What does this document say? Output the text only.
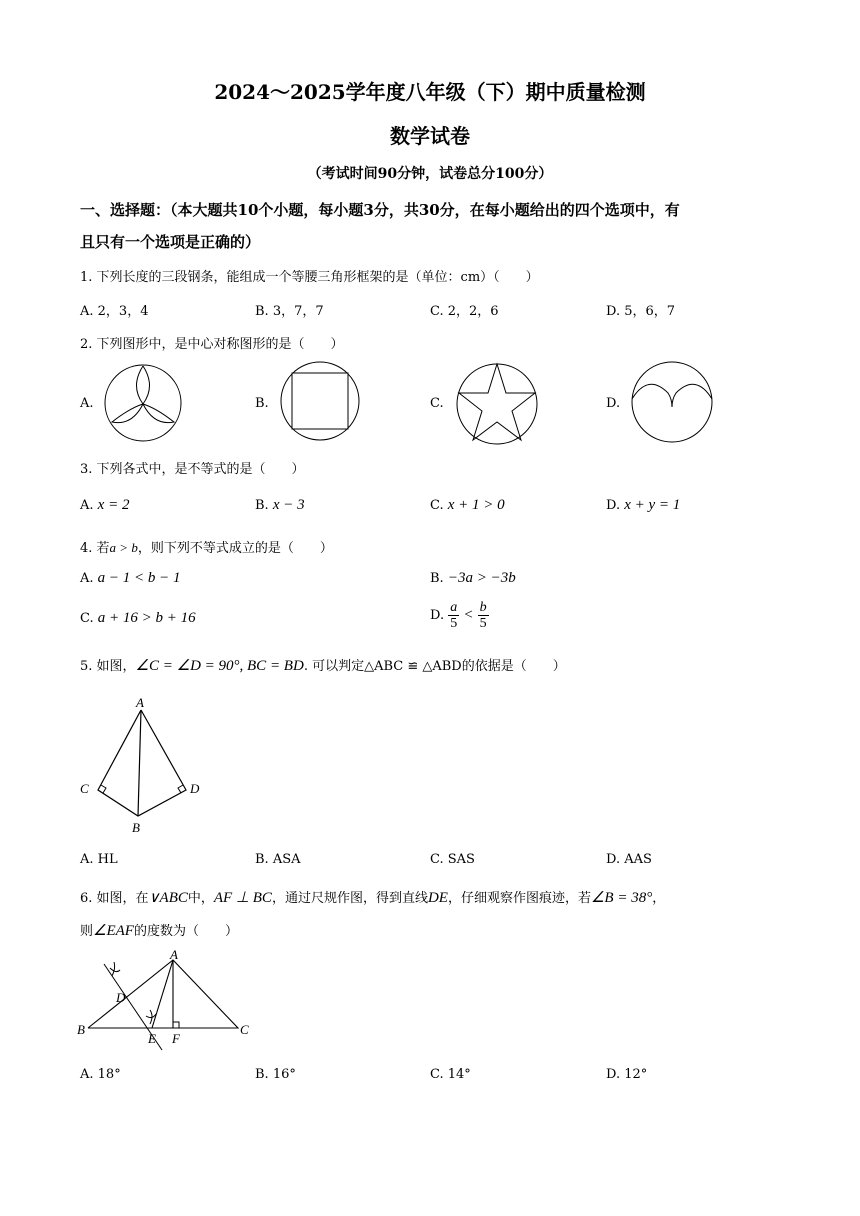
2024～2025学年度八年级（下）期中质量检测
数学试卷
（考试时间90分钟，试卷总分100分）
一、选择题：（本大题共10个小题，每小题3分，共30分，在每小题给出的四个选项中，有
且只有一个选项是正确的）
1. 下列长度的三段钢条，能组成一个等腰三角形框架的是（单位：cm）（　　）
A. 2，3，4	B. 3，7，7	C. 2，2，6	D. 5，6，7
2. 下列图形中，是中心对称图形的是（　　）
A.	B.	C.	D.
3. 下列各式中，是不等式的是（　　）
A. x = 2	B. x − 3	C. x + 1 > 0	D. x + y = 1
4. 若a > b，则下列不等式成立的是（　　）
A. a − 1 < b − 1	B. −3a > −3b
C. a + 16 > b + 16	D. $\frac{a}{5} < \frac{b}{5}$
5. 如图，∠C = ∠D = 90°, BC = BD. 可以判定△ABC ≌ △ABD的依据是（　　）
A
B
C	D
A. HL	B. ASA	C. SAS	D. AAS
6. 如图，在∨ABC中，AF ⊥ BC，通过尺规作图，得到直线DE，仔细观察作图痕迹，若∠B = 38°，
则∠EAF的度数为（　　）
A
B	C
D
E F
A. 18°	B. 16°	C. 14°	D. 12°
